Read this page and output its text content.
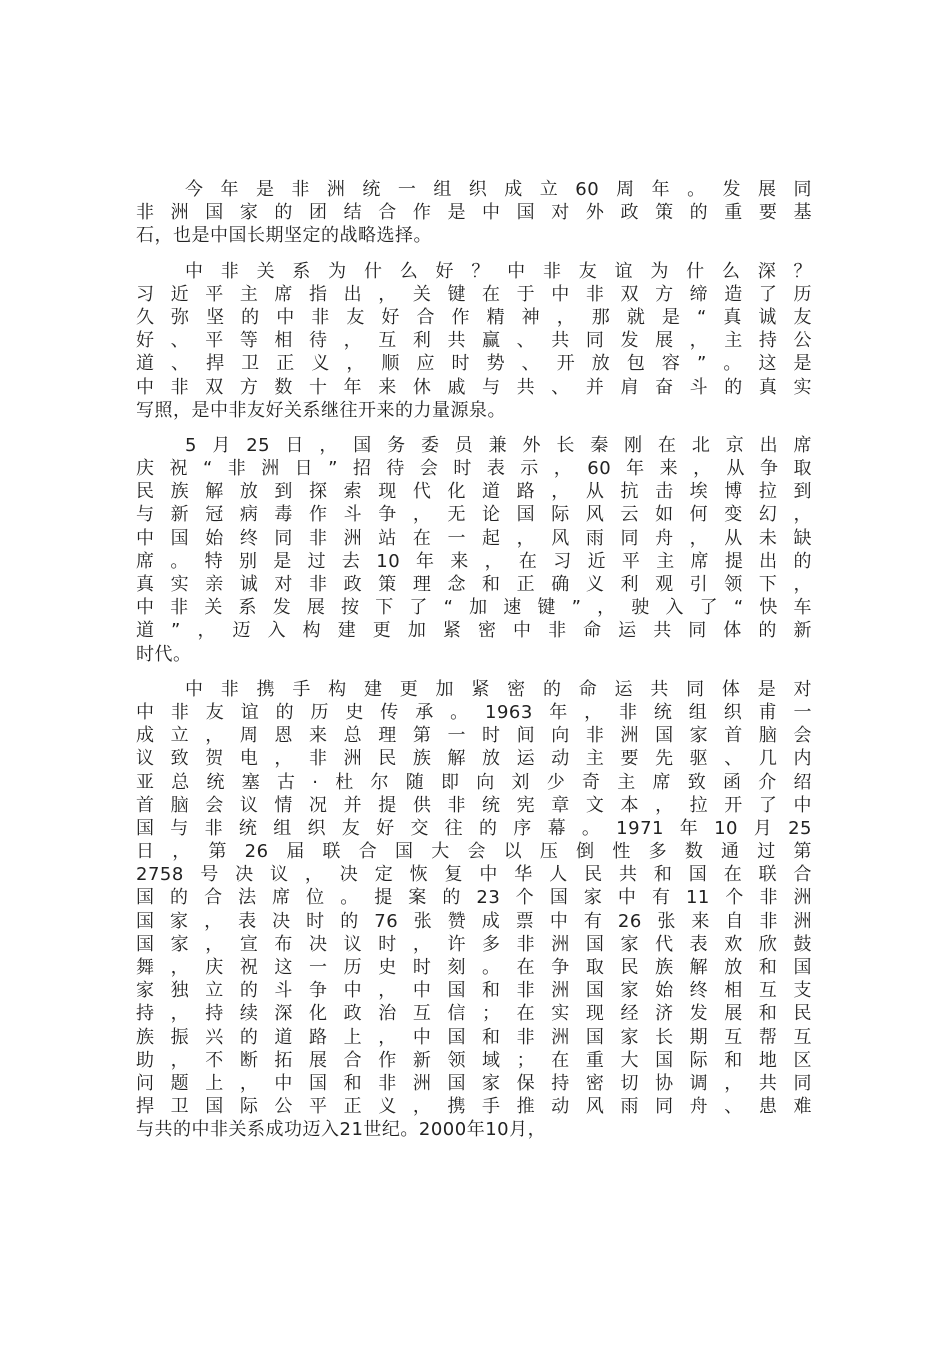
今年是非洲统一组织成立60周年。发展同
非洲国家的团结合作是中国对外政策的重要基
石，也是中国长期坚定的战略选择。
中非关系为什么好？中非友谊为什么深？
习近平主席指出，关键在于中非双方缔造了历
久弥坚的中非友好合作精神，那就是“真诚友
好、平等相待，互利共赢、共同发展，主持公
道、捍卫正义，顺应时势、开放包容”。这是
中非双方数十年来休戚与共、并肩奋斗的真实
写照，是中非友好关系继往开来的力量源泉。
5月25日，国务委员兼外长秦刚在北京出席
庆祝“非洲日”招待会时表示，60年来，从争取
民族解放到探索现代化道路，从抗击埃博拉到
与新冠病毒作斗争，无论国际风云如何变幻，
中国始终同非洲站在一起，风雨同舟，从未缺
席。特别是过去10年来，在习近平主席提出的
真实亲诚对非政策理念和正确义利观引领下，
中非关系发展按下了“加速键”，驶入了“快车
道”，迈入构建更加紧密中非命运共同体的新
时代。
中非携手构建更加紧密的命运共同体是对
中非友谊的历史传承。1963年，非统组织甫一
成立，周恩来总理第一时间向非洲国家首脑会
议致贺电，非洲民族解放运动主要先驱、几内
亚总统塞古·杜尔随即向刘少奇主席致函介绍
首脑会议情况并提供非统宪章文本，拉开了中
国与非统组织友好交往的序幕。1971年10月25
日，第26届联合国大会以压倒性多数通过第
2758号决议，决定恢复中华人民共和国在联合
国的合法席位。提案的23个国家中有11个非洲
国家，表决时的76张赞成票中有26张来自非洲
国家，宣布决议时，许多非洲国家代表欢欣鼓
舞，庆祝这一历史时刻。在争取民族解放和国
家独立的斗争中，中国和非洲国家始终相互支
持，持续深化政治互信；在实现经济发展和民
族振兴的道路上，中国和非洲国家长期互帮互
助，不断拓展合作新领域；在重大国际和地区
问题上，中国和非洲国家保持密切协调，共同
捍卫国际公平正义，携手推动风雨同舟、患难
与共的中非关系成功迈入21世纪。2000年10月，
